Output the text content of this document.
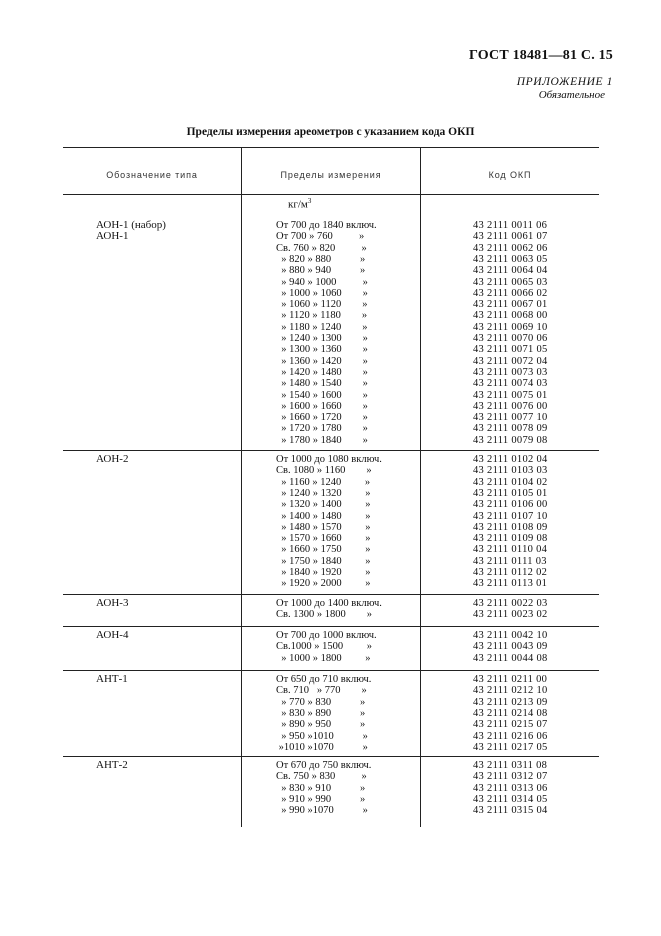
ГОСТ 18481—81 С. 15
ПРИЛОЖЕНИЕ 1
Обязательное
Пределы измерения ареометров с указанием кода ОКП
Обозначение типа	Пределы измерения	Код ОКП
$кг/м^3$
АОН-1 (набор)
АОН-1
От 700 до 1840 включ.	43 2111 0011 06
От 700 » 760          »	43 2111 0061 07
Св. 760 » 820          »	43 2111 0062 06
» 820 » 880           »	43 2111 0063 05
» 880 » 940           »	43 2111 0064 04
» 940 » 1000          »	43 2111 0065 03
» 1000 » 1060        »	43 2111 0066 02
» 1060 » 1120        »	43 2111 0067 01
» 1120 » 1180        »	43 2111 0068 00
» 1180 » 1240        »	43 2111 0069 10
» 1240 » 1300        »	43 2111 0070 06
» 1300 » 1360        »	43 2111 0071 05
» 1360 » 1420        »	43 2111 0072 04
» 1420 » 1480        »	43 2111 0073 03
» 1480 » 1540        »	43 2111 0074 03
» 1540 » 1600        »	43 2111 0075 01
» 1600 » 1660        »	43 2111 0076 00
» 1660 » 1720        »	43 2111 0077 10
» 1720 » 1780        »	43 2111 0078 09
» 1780 » 1840        »	43 2111 0079 08
АОН-2	От 1000 до 1080 включ.	43 2111 0102 04
Св. 1080 » 1160        »	43 2111 0103 03
» 1160 » 1240         »	43 2111 0104 02
» 1240 » 1320         »	43 2111 0105 01
» 1320 » 1400         »	43 2111 0106 00
» 1400 » 1480         »	43 2111 0107 10
» 1480 » 1570         »	43 2111 0108 09
» 1570 » 1660         »	43 2111 0109 08
» 1660 » 1750         »	43 2111 0110 04
» 1750 » 1840         »	43 2111 0111 03
» 1840 » 1920         »	43 2111 0112 02
» 1920 » 2000         »	43 2111 0113 01
АОН-3	От 1000 до 1400 включ.	43 2111 0022 03
Св. 1300 » 1800        »	43 2111 0023 02
АОН-4	От 700 до 1000 включ.	43 2111 0042 10
Св.1000 » 1500         »	43 2111 0043 09
» 1000 » 1800         »	43 2111 0044 08
АНТ-1	От 650 до 710 включ.	43 2111 0211 00
Св. 710   » 770        »	43 2111 0212 10
» 770 » 830           »	43 2111 0213 09
» 830 » 890           »	43 2111 0214 08
» 890 » 950           »	43 2111 0215 07
» 950 »1010           »	43 2111 0216 06
»1010 »1070           »	43 2111 0217 05
АНТ-2	От 670 до 750 включ.	43 2111 0311 08
Св. 750 » 830          »	43 2111 0312 07
» 830 » 910           »	43 2111 0313 06
» 910 » 990           »	43 2111 0314 05
» 990 »1070           »	43 2111 0315 04
